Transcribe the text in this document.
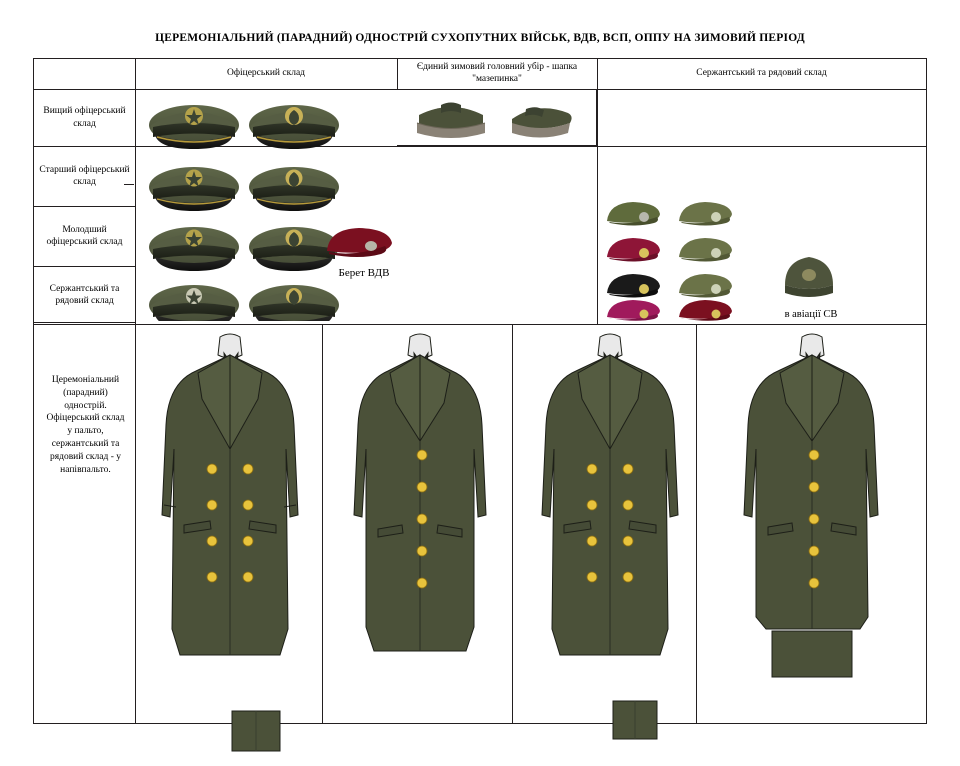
ЦЕРЕМОНІАЛЬНИЙ (ПАРАДНИЙ) ОДНОСТРІЙ СУХОПУТНИХ ВІЙСЬК, ВДВ, ВСП, ОППУ НА ЗИМОВИЙ ПЕРІОД
Офіцерський склад
Єдиний зимовий головний убір - шапка "мазепинка"
Сержантський та рядовий склад
Вищий офіцерський склад
Старший офіцерський склад
Молодший офіцерський склад
Сержантський та рядовий склад
Берет ВДВ
в авіації СВ
Церемоніальний (парадний) одностpій. Офіцерський склад у пальто, сержантський та рядовий склад - у напівпальто.
